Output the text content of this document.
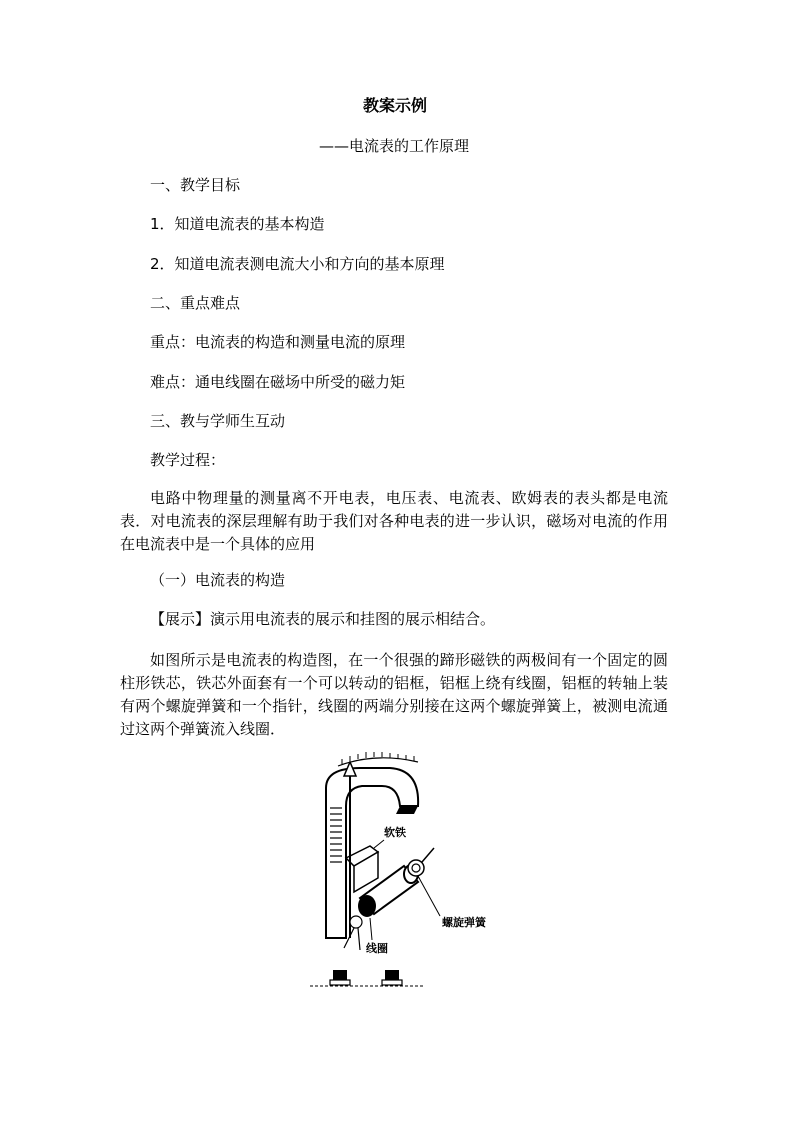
教案示例
——电流表的工作原理
一、教学目标
1．知道电流表的基本构造
2．知道电流表测电流大小和方向的基本原理
二、重点难点
重点：电流表的构造和测量电流的原理
难点：通电线圈在磁场中所受的磁力矩
三、教与学师生互动
教学过程：
电路中物理量的测量离不开电表，电压表、电流表、欧姆表的表头都是电流表．对电流表的深层理解有助于我们对各种电表的进一步认识，磁场对电流的作用在电流表中是一个具体的应用
（一）电流表的构造
【展示】演示用电流表的展示和挂图的展示相结合。
如图所示是电流表的构造图，在一个很强的蹄形磁铁的两极间有一个固定的圆柱形铁芯，铁芯外面套有一个可以转动的铝框，铝框上绕有线圈，铝框的转轴上装有两个螺旋弹簧和一个指针，线圈的两端分别接在这两个螺旋弹簧上，被测电流通过这两个弹簧流入线圈．
软铁
螺旋弹簧
线圈
